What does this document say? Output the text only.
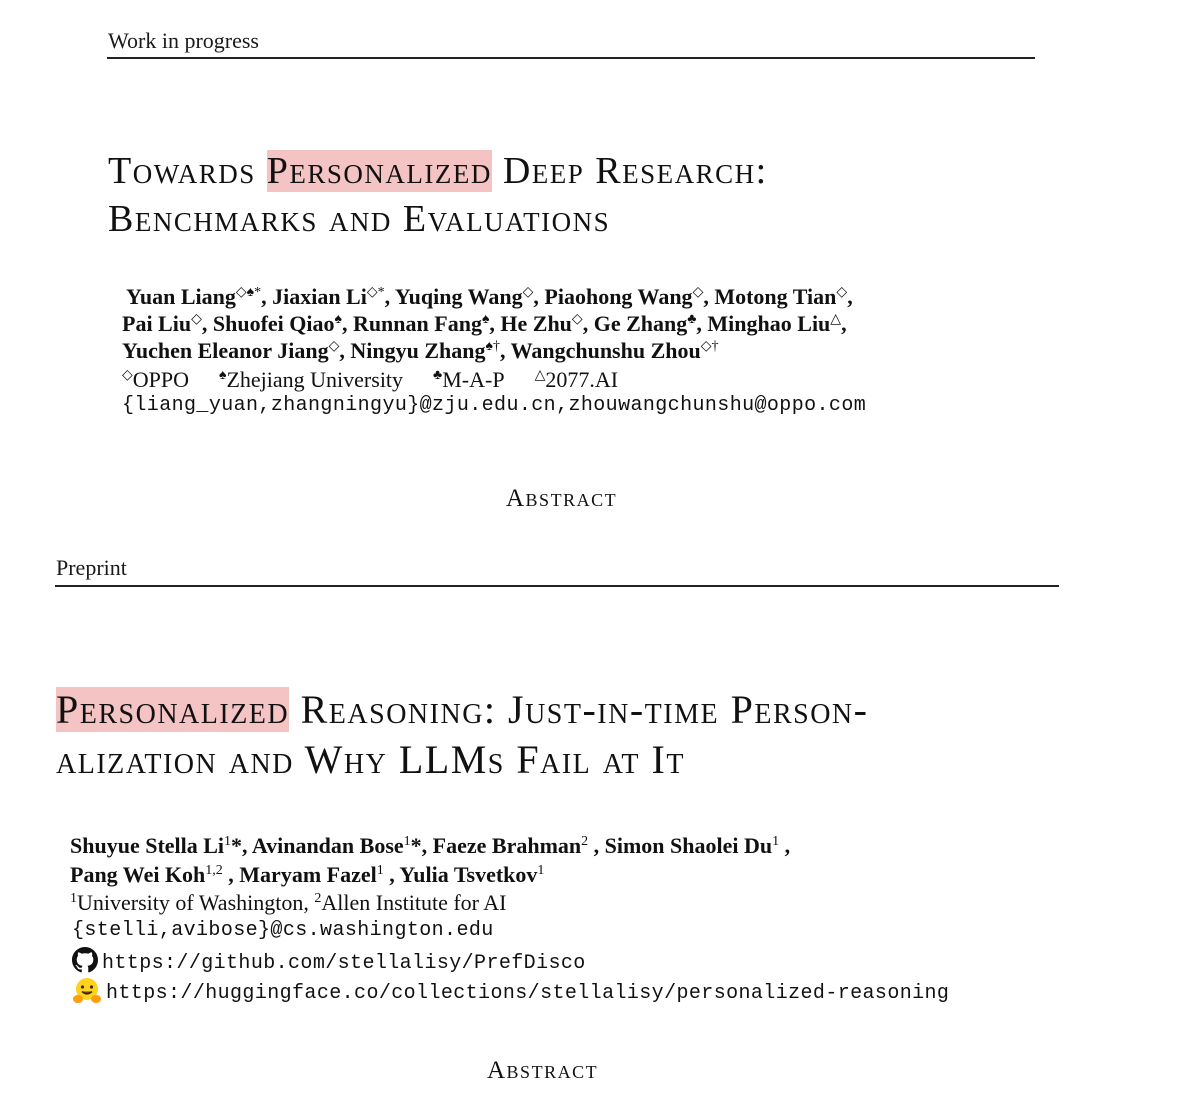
Work in progress
Towards Personalized Deep Research:
Benchmarks and Evaluations
Yuan Liang◇♠*, Jiaxian Li◇*, Yuqing Wang◇, Piaohong Wang◇, Motong Tian◇,
Pai Liu◇, Shuofei Qiao♠, Runnan Fang♠, He Zhu◇, Ge Zhang♣, Minghao Liu△,
Yuchen Eleanor Jiang◇, Ningyu Zhang♠†, Wangchunshu Zhou◇†
◇OPPO ♠Zhejiang University ♣M-A-P △2077.AI
{liang_yuan,zhangningyu}@zju.edu.cn,zhouwangchunshu@oppo.com
Abstract
Preprint
Personalized Reasoning: Just-in-time Person-
alization and Why LLMs Fail at It
Shuyue Stella Li$^1$*, Avinandan Bose$^1$*, Faeze Brahman$^2$ , Simon Shaolei Du$^1$ ,
Pang Wei Koh$^{1,2}$ , Maryam Fazel$^1$ , Yulia Tsvetkov$^1$
$^1$University of Washington, $^2$Allen Institute for AI
{stelli,avibose}@cs.washington.edu
https://github.com/stellalisy/PrefDisco
https://huggingface.co/collections/stellalisy/personalized-reasoning
Abstract
